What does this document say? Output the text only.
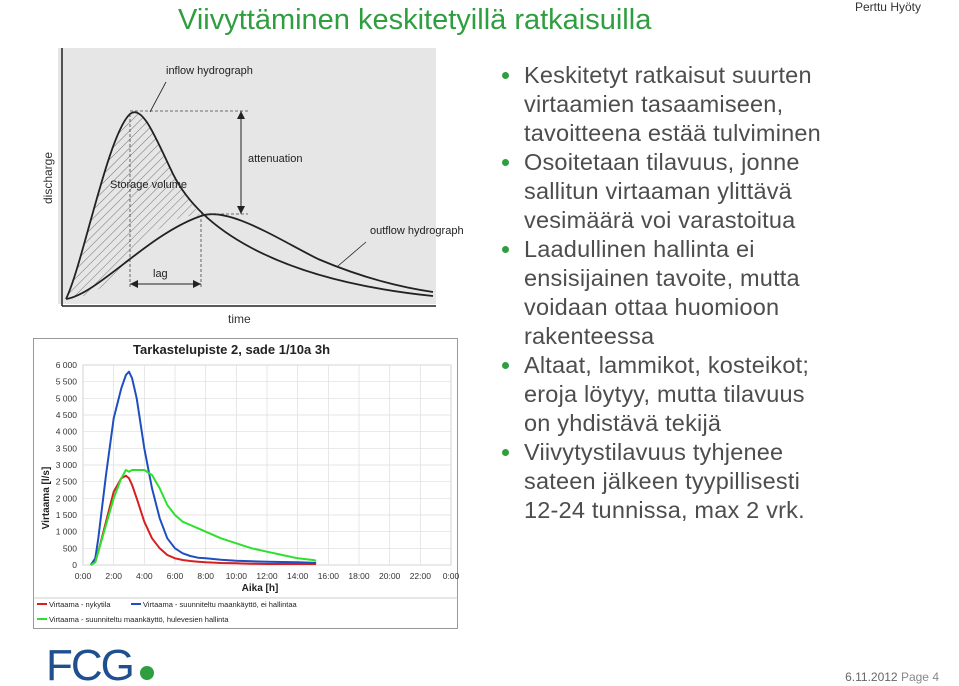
Viivyttäminen keskitetyillä ratkaisuilla	Perttu Hyöty
discharge
time
inflow hydrograph
attenuation
outflow hydrograph
lag
Storage volume
Tarkastelupiste 2, sade 1/10a 3h
0
500
1 000
1 500
2 000
2 500
3 000
3 500
4 000
4 500
5 000
5 500
6 000
0:00 2:00 4:00 6:00 8:00 10:00 12:00 14:00 16:00 18:00 20:00 22:00 0:00
Virtaama [l/s]
Aika [h]
Virtaama - nykytila	Virtaama - suunniteltu maankäyttö, ei hallintaa
Virtaama - suunniteltu maankäyttö, hulevesien hallinta
Keskitetyt ratkaisut suurten
virtaamien tasaamiseen,
tavoitteena estää tulviminen
Osoitetaan tilavuus, jonne
sallitun virtaaman ylittävä
vesimäärä voi varastoitua
Laadullinen hallinta ei
ensisijainen tavoite, mutta
voidaan ottaa huomioon
rakenteessa
Altaat, lammikot, kosteikot;
eroja löytyy, mutta tilavuus
on yhdistävä tekijä
Viivytystilavuus tyhjenee
sateen jälkeen tyypillisesti
12-24 tunnissa, max 2 vrk.
FCG	6.11.2012 Page 4
